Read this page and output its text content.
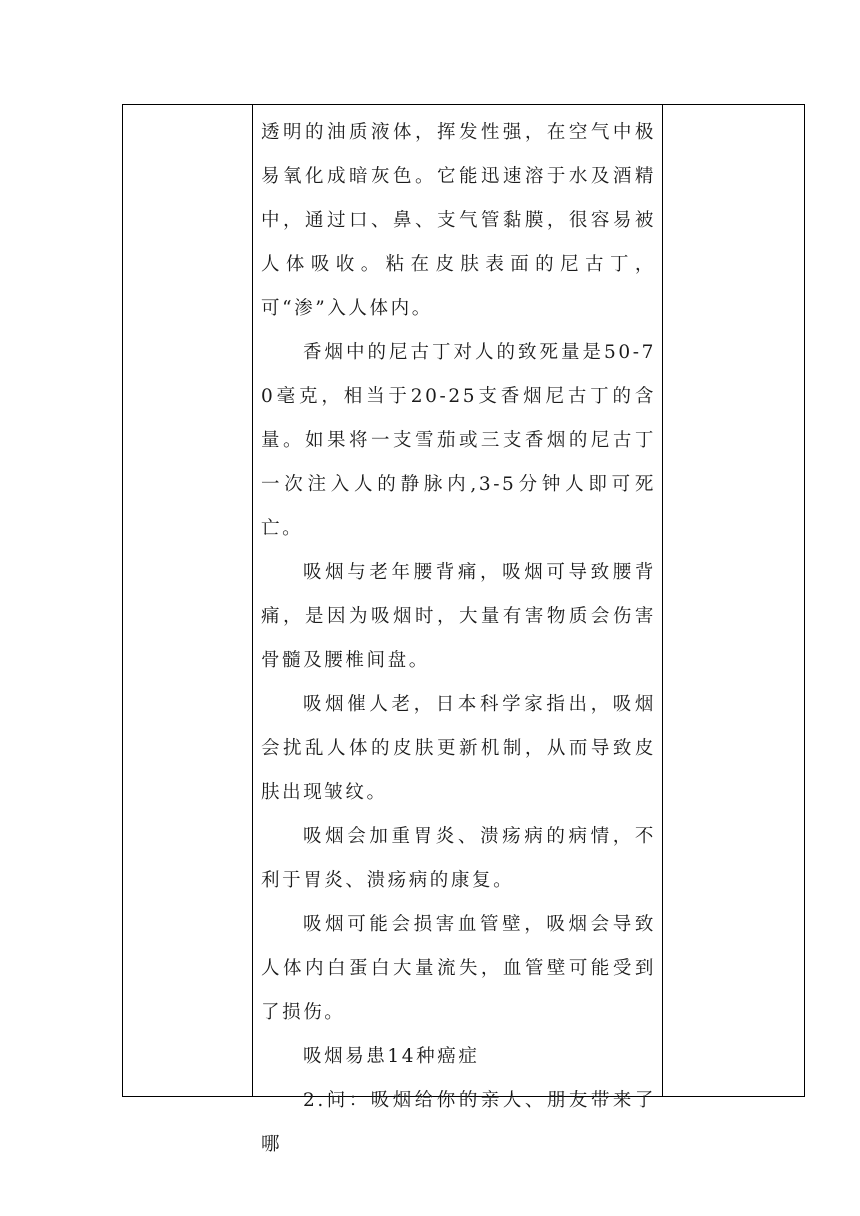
透明的油质液体，挥发性强，在空气中极易氧化成暗灰色。它能迅速溶于水及酒精中，通过口、鼻、支气管黏膜，很容易被人体吸收。粘在皮肤表面的尼古丁，可“渗”入人体内。

香烟中的尼古丁对人的致死量是50-70毫克，相当于20-25支香烟尼古丁的含量。如果将一支雪茄或三支香烟的尼古丁一次注入人的静脉内,3-5分钟人即可死亡。

吸烟与老年腰背痛，吸烟可导致腰背痛，是因为吸烟时，大量有害物质会伤害骨髓及腰椎间盘。

吸烟催人老，日本科学家指出，吸烟会扰乱人体的皮肤更新机制，从而导致皮肤出现皱纹。

吸烟会加重胃炎、溃疡病的病情，不利于胃炎、溃疡病的康复。

吸烟可能会损害血管壁，吸烟会导致人体内白蛋白大量流失，血管壁可能受到了损伤。

吸烟易患14种癌症

2.问：吸烟给你的亲人、朋友带来了哪
